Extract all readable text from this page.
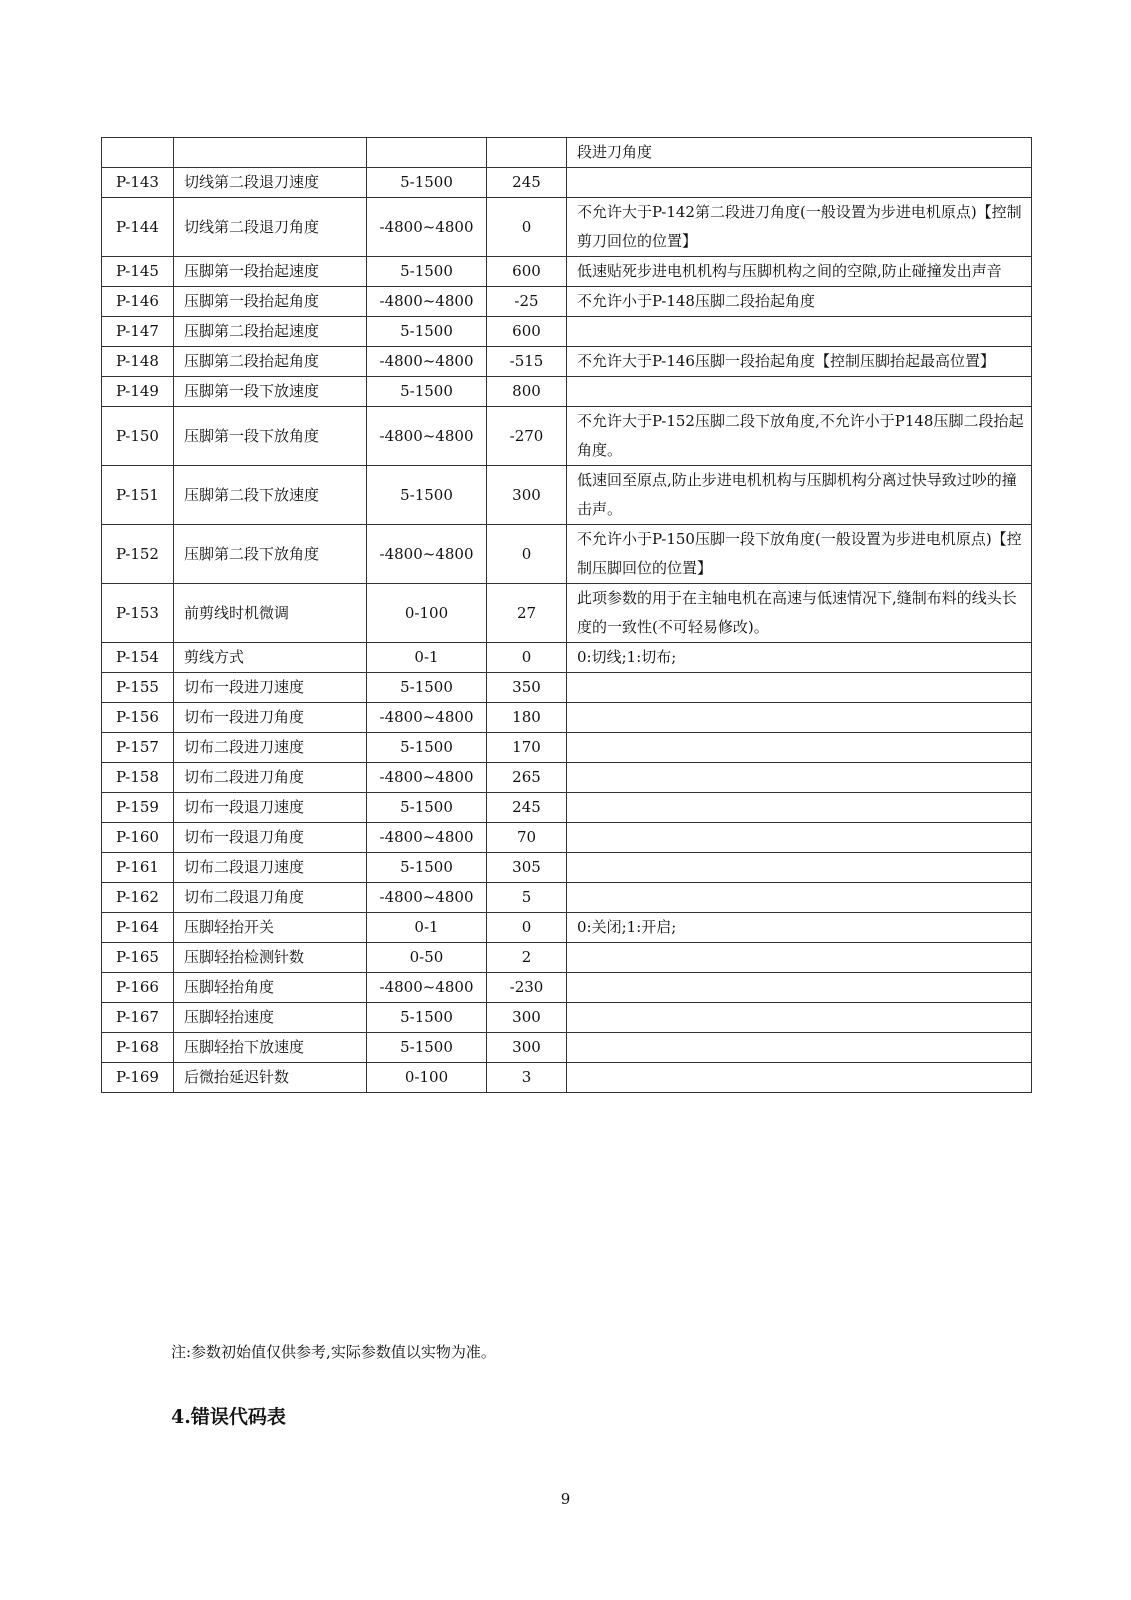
				段进刀角度
P-143	切线第二段退刀速度	5-1500	245	
P-144	切线第二段退刀角度	-4800~4800	0	不允许大于P-142第二段进刀角度(一般设置为步进电机原点)【控制剪刀回位的位置】
P-145	压脚第一段抬起速度	5-1500	600	低速贴死步进电机机构与压脚机构之间的空隙,防止碰撞发出声音
P-146	压脚第一段抬起角度	-4800~4800	-25	不允许小于P-148压脚二段抬起角度
P-147	压脚第二段抬起速度	5-1500	600	
P-148	压脚第二段抬起角度	-4800~4800	-515	不允许大于P-146压脚一段抬起角度【控制压脚抬起最高位置】
P-149	压脚第一段下放速度	5-1500	800	
P-150	压脚第一段下放角度	-4800~4800	-270	不允许大于P-152压脚二段下放角度,不允许小于P148压脚二段抬起角度。
P-151	压脚第二段下放速度	5-1500	300	低速回至原点,防止步进电机机构与压脚机构分离过快导致过吵的撞击声。
P-152	压脚第二段下放角度	-4800~4800	0	不允许小于P-150压脚一段下放角度(一般设置为步进电机原点)【控制压脚回位的位置】
P-153	前剪线时机微调	0-100	27	此项参数的用于在主轴电机在高速与低速情况下,缝制布料的线头长度的一致性(不可轻易修改)。
P-154	剪线方式	0-1	0	0:切线;1:切布;
P-155	切布一段进刀速度	5-1500	350	
P-156	切布一段进刀角度	-4800~4800	180	
P-157	切布二段进刀速度	5-1500	170	
P-158	切布二段进刀角度	-4800~4800	265	
P-159	切布一段退刀速度	5-1500	245	
P-160	切布一段退刀角度	-4800~4800	70	
P-161	切布二段退刀速度	5-1500	305	
P-162	切布二段退刀角度	-4800~4800	5	
P-164	压脚轻抬开关	0-1	0	0:关闭;1:开启;
P-165	压脚轻抬检测针数	0-50	2	
P-166	压脚轻抬角度	-4800~4800	-230	
P-167	压脚轻抬速度	5-1500	300	
P-168	压脚轻抬下放速度	5-1500	300	
P-169	后微抬延迟针数	0-100	3	

注:参数初始值仅供参考,实际参数值以实物为准。

4.错误代码表

9
